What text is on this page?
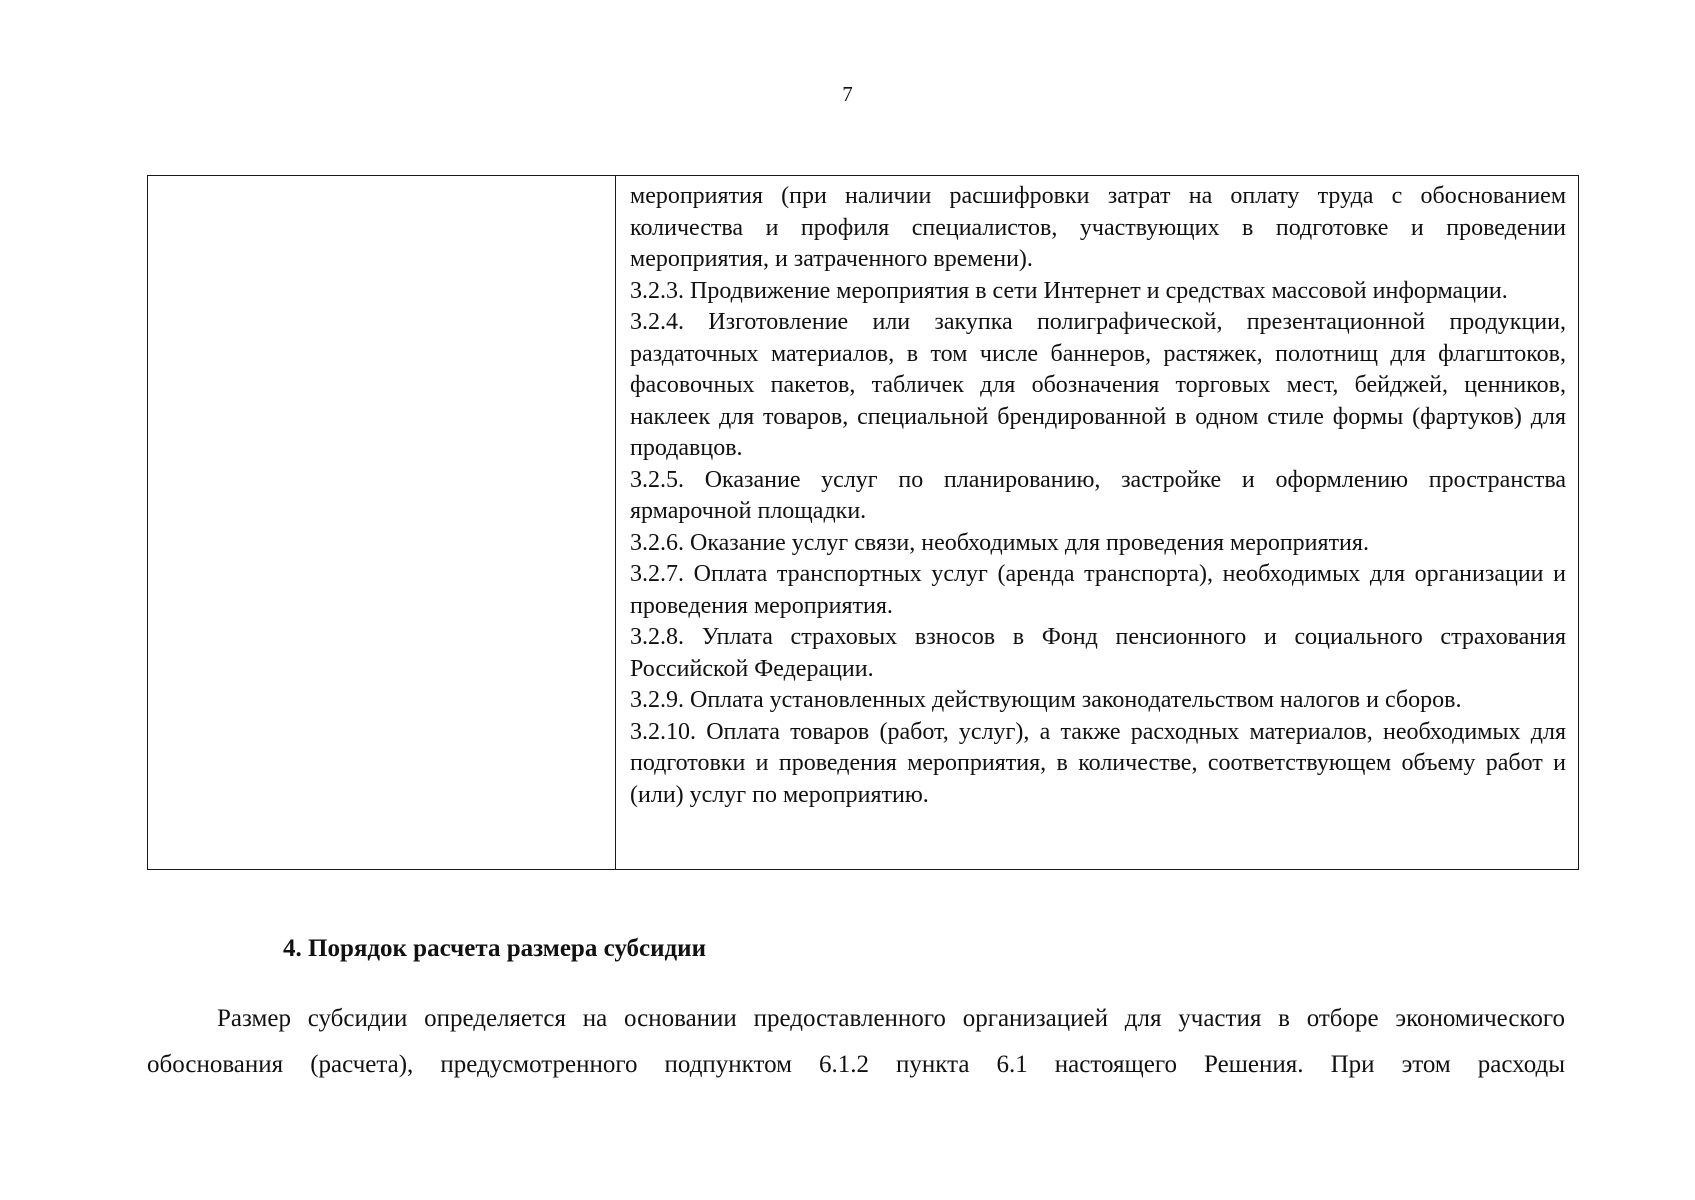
7

мероприятия (при наличии расшифровки затрат на оплату труда с обоснованием количества и профиля специалистов, участвующих в подготовке и проведении мероприятия, и затраченного времени).

3.2.3. Продвижение мероприятия в сети Интернет и средствах массовой информации.

3.2.4. Изготовление или закупка полиграфической, презентационной продукции, раздаточных материалов, в том числе баннеров, растяжек, полотнищ для флагштоков, фасовочных пакетов, табличек для обозначения торговых мест, бейджей, ценников, наклеек для товаров, специальной брендированной в одном стиле формы (фартуков) для продавцов.

3.2.5. Оказание услуг по планированию, застройке и оформлению пространства ярмарочной площадки.

3.2.6. Оказание услуг связи, необходимых для проведения мероприятия.

3.2.7. Оплата транспортных услуг (аренда транспорта), необходимых для организации и проведения мероприятия.

3.2.8. Уплата страховых взносов в Фонд пенсионного и социального страхования Российской Федерации.

3.2.9. Оплата установленных действующим законодательством налогов и сборов.

3.2.10. Оплата товаров (работ, услуг), а также расходных материалов, необходимых для подготовки и проведения мероприятия, в количестве, соответствующем объему работ и (или) услуг по мероприятию.

4. Порядок расчета размера субсидии

Размер субсидии определяется на основании предоставленного организацией для участия в отборе экономического обоснования (расчета), предусмотренного подпунктом 6.1.2 пункта 6.1 настоящего Решения. При этом расходы
